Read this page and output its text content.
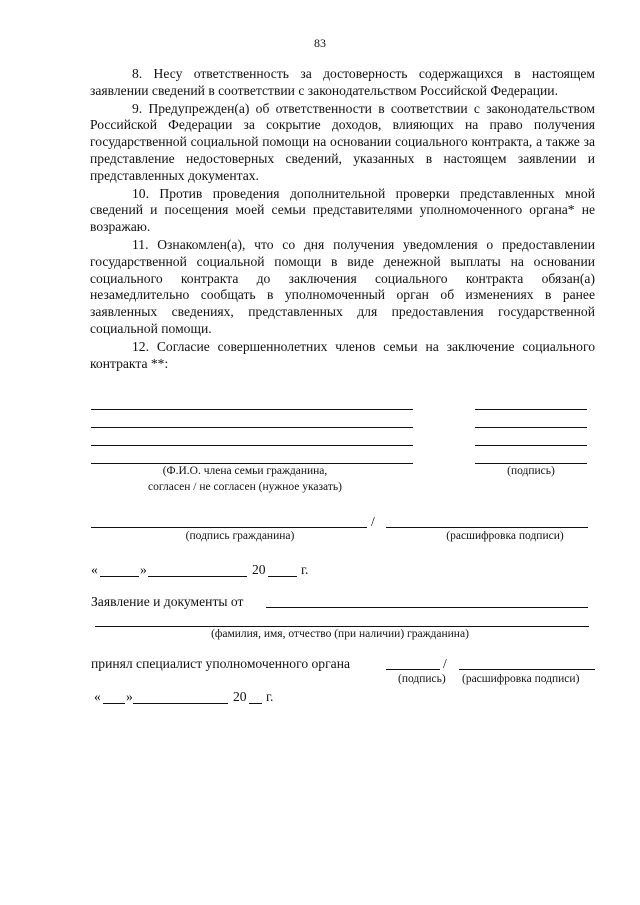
83

8. Несу ответственность за достоверность содержащихся в настоящем заявлении сведений в соответствии с законодательством Российской Федерации.

9. Предупрежден(а) об ответственности в соответствии с законодательством Российской Федерации за сокрытие доходов, влияющих на право получения государственной социальной помощи на основании социального контракта, а также за представление недостоверных сведений, указанных в настоящем заявлении и представленных документах.

10. Против проведения дополнительной проверки представленных мной сведений и посещения моей семьи представителями уполномоченного органа* не возражаю.

11. Ознакомлен(а), что со дня получения уведомления о предоставлении государственной социальной помощи в виде денежной выплаты на основании социального контракта до заключения социального контракта обязан(а) незамедлительно сообщать в уполномоченный орган об изменениях в ранее заявленных сведениях, представленных для предоставления государственной социальной помощи.

12. Согласие совершеннолетних членов семьи на заключение социального контракта **:

(Ф.И.О. члена семьи гражданина,
согласен / не согласен (нужное указать)
(подпись)
/
(подпись гражданина)	(расшифровка подписи)
«	»	20	г.
Заявление и документы от
(фамилия, имя, отчество (при наличии) гражданина)
принял специалист уполномоченного органа	/
(подпись) (расшифровка подписи)
« »	20 г.
